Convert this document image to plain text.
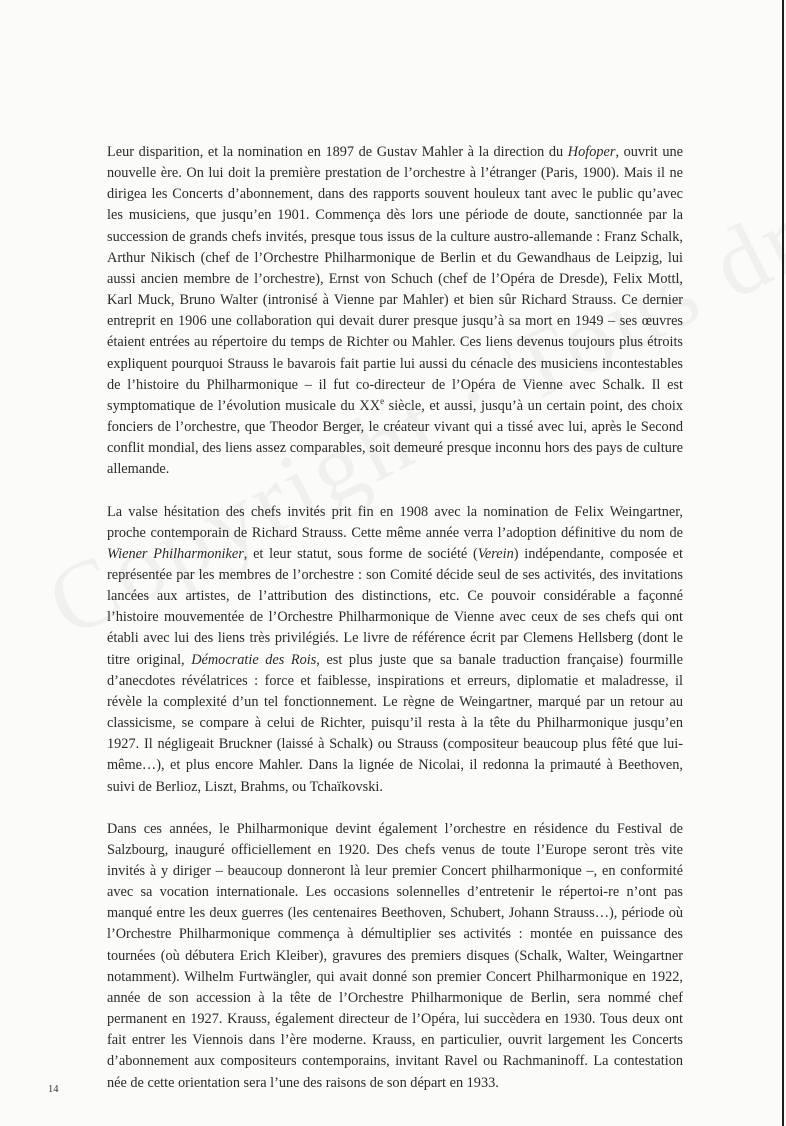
Leur disparition, et la nomination en 1897 de Gustav Mahler à la direction du Hofoper, ouvrit une nouvelle ère. On lui doit la première prestation de l’orchestre à l’étranger (Paris, 1900). Mais il ne dirigea les Concerts d’abonnement, dans des rapports souvent houleux tant avec le public qu’avec les musiciens, que jusqu’en 1901. Commença dès lors une période de doute, sanctionnée par la succession de grands chefs invités, presque tous issus de la culture austro-allemande : Franz Schalk, Arthur Nikisch (chef de l’Orchestre Philharmonique de Berlin et du Gewandhaus de Leipzig, lui aussi ancien membre de l’orchestre), Ernst von Schuch (chef de l’Opéra de Dresde), Felix Mottl, Karl Muck, Bruno Walter (intronisé à Vienne par Mahler) et bien sûr Richard Strauss. Ce dernier entreprit en 1906 une collaboration qui devait durer presque jusqu’à sa mort en 1949 – ses œuvres étaient entrées au répertoire du temps de Richter ou Mahler. Ces liens devenus toujours plus étroits expliquent pourquoi Strauss le bavarois fait partie lui aussi du cénacle des musiciens incontestables de l’histoire du Philharmonique – il fut co-directeur de l’Opéra de Vienne avec Schalk. Il est symptomatique de l’évolution musicale du XXe siècle, et aussi, jusqu’à un certain point, des choix fonciers de l’orchestre, que Theodor Berger, le créateur vivant qui a tissé avec lui, après le Second conflit mondial, des liens assez comparables, soit demeuré presque inconnu hors des pays de culture allemande.

La valse hésitation des chefs invités prit fin en 1908 avec la nomination de Felix Weingartner, proche contemporain de Richard Strauss. Cette même année verra l’adoption définitive du nom de Wiener Philharmoniker, et leur statut, sous forme de société (Verein) indépendante, composée et représentée par les membres de l’orchestre : son Comité décide seul de ses activités, des invitations lancées aux artistes, de l’attribution des distinctions, etc. Ce pouvoir considérable a façonné l’histoire mouvementée de l’Orchestre Philharmonique de Vienne avec ceux de ses chefs qui ont établi avec lui des liens très privilégiés. Le livre de référence écrit par Clemens Hellsberg (dont le titre original, Démocratie des Rois, est plus juste que sa banale traduction française) fourmille d’anecdotes révélatrices : force et faiblesse, inspirations et erreurs, diplomatie et maladresse, il révèle la complexité d’un tel fonctionnement. Le règne de Weingartner, marqué par un retour au classicisme, se compare à celui de Richter, puisqu’il resta à la tête du Philharmonique jusqu’en 1927. Il négligeait Bruckner (laissé à Schalk) ou Strauss (compositeur beaucoup plus fêté que lui-même…), et plus encore Mahler. Dans la lignée de Nicolai, il redonna la primauté à Beethoven, suivi de Berlioz, Liszt, Brahms, ou Tchaïkovski.

Dans ces années, le Philharmonique devint également l’orchestre en résidence du Festival de Salzbourg, inauguré officiellement en 1920. Des chefs venus de toute l’Europe seront très vite invités à y diriger – beaucoup donneront là leur premier Concert philharmonique –, en conformité avec sa vocation internationale. Les occasions solennelles d’entretenir le répertoi-re n’ont pas manqué entre les deux guerres (les centenaires Beethoven, Schubert, Johann Strauss…), période où l’Orchestre Philharmonique commença à démultiplier ses activités : montée en puissance des tournées (où débutera Erich Kleiber), gravures des premiers disques (Schalk, Walter, Weingartner notamment). Wilhelm Furtwängler, qui avait donné son premier Concert Philharmonique en 1922, année de son accession à la tête de l’Orchestre Philharmonique de Berlin, sera nommé chef permanent en 1927. Krauss, également directeur de l’Opéra, lui succèdera en 1930. Tous deux ont fait entrer les Viennois dans l’ère moderne. Krauss, en particulier, ouvrit largement les Concerts d’abonnement aux compositeurs contemporains, invitant Ravel ou Rachmaninoff. La contestation née de cette orientation sera l’une des raisons de son départ en 1933.

14
